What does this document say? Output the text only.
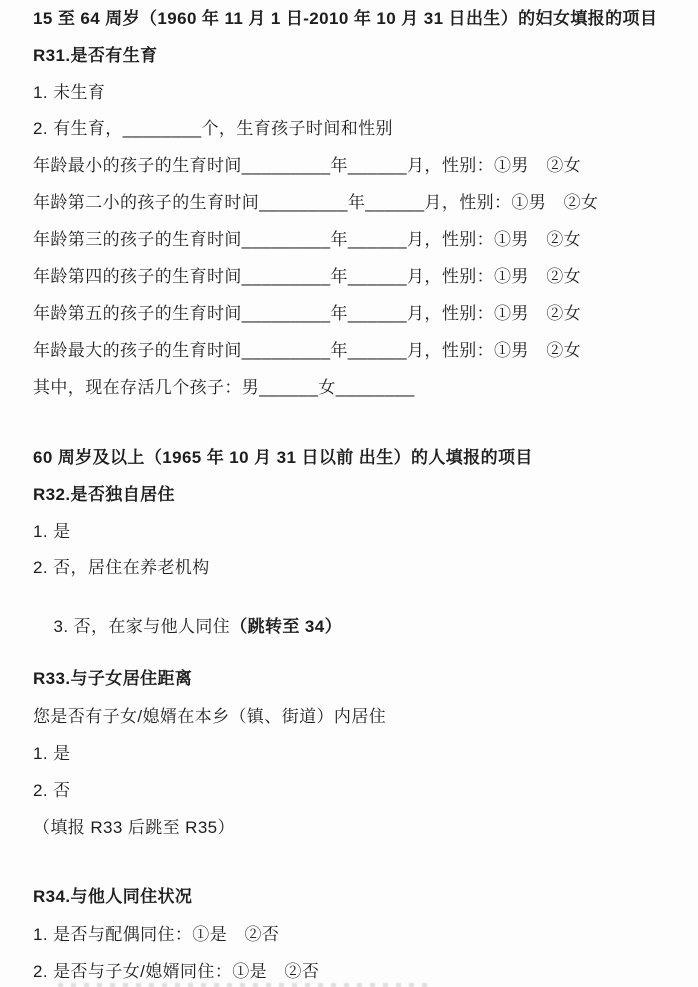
15 至 64 周岁（1960 年 11 月 1 日-2010 年 10 月 31 日出生）的妇女填报的项目
R31.是否有生育
1. 未生育
2. 有生育，________个，生育孩子时间和性别
年龄最小的孩子的生育时间_________年______月，性别：①男　②女
年龄第二小的孩子的生育时间_________年______月，性别：①男　②女
年龄第三的孩子的生育时间_________年______月，性别：①男　②女
年龄第四的孩子的生育时间_________年______月，性别：①男　②女
年龄第五的孩子的生育时间_________年______月，性别：①男　②女
年龄最大的孩子的生育时间_________年______月，性别：①男　②女
其中，现在存活几个孩子：男______女________
60 周岁及以上（1965 年 10 月 31 日以前 出生）的人填报的项目
R32.是否独自居住
1. 是
2. 否，居住在养老机构

3. 否，在家与他人同住（跳转至 34）

R33.与子女居住距离
您是否有子女/媳婿在本乡（镇、街道）内居住
1. 是
2. 否
（填报 R33 后跳至 R35）
R34.与他人同住状况
1. 是否与配偶同住：①是　②否
2. 是否与子女/媳婿同住：①是　②否
